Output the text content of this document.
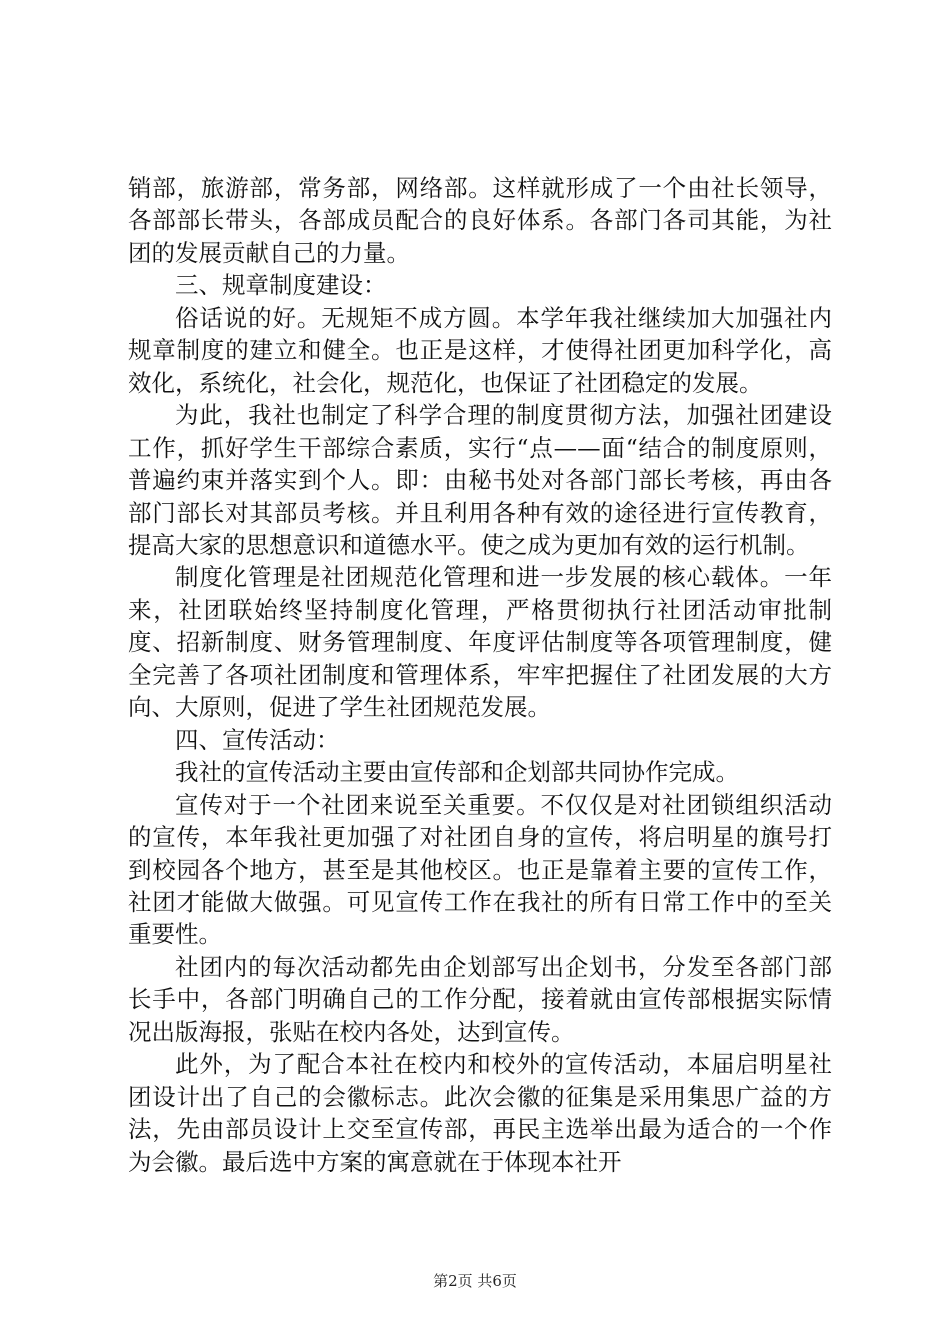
销部，旅游部，常务部，网络部。这样就形成了一个由社长领导，各部部长带头，各部成员配合的良好体系。各部门各司其能，为社团的发展贡献自己的力量。

三、规章制度建设：

俗话说的好。无规矩不成方圆。本学年我社继续加大加强社内规章制度的建立和健全。也正是这样，才使得社团更加科学化，高效化，系统化，社会化，规范化，也保证了社团稳定的发展。

为此，我社也制定了科学合理的制度贯彻方法，加强社团建设工作，抓好学生干部综合素质，实行“点——面“结合的制度原则，普遍约束并落实到个人。即：由秘书处对各部门部长考核，再由各部门部长对其部员考核。并且利用各种有效的途径进行宣传教育，提高大家的思想意识和道德水平。使之成为更加有效的运行机制。

制度化管理是社团规范化管理和进一步发展的核心载体。一年来，社团联始终坚持制度化管理，严格贯彻执行社团活动审批制度、招新制度、财务管理制度、年度评估制度等各项管理制度，健全完善了各项社团制度和管理体系，牢牢把握住了社团发展的大方向、大原则，促进了学生社团规范发展。

四、宣传活动：

我社的宣传活动主要由宣传部和企划部共同协作完成。

宣传对于一个社团来说至关重要。不仅仅是对社团锁组织活动的宣传，本年我社更加强了对社团自身的宣传，将启明星的旗号打到校园各个地方，甚至是其他校区。也正是靠着主要的宣传工作，社团才能做大做强。可见宣传工作在我社的所有日常工作中的至关重要性。

社团内的每次活动都先由企划部写出企划书，分发至各部门部长手中，各部门明确自己的工作分配，接着就由宣传部根据实际情况出版海报，张贴在校内各处，达到宣传。

此外，为了配合本社在校内和校外的宣传活动，本届启明星社团设计出了自己的会徽标志。此次会徽的征集是采用集思广益的方法，先由部员设计上交至宣传部，再民主选举出最为适合的一个作为会徽。最后选中方案的寓意就在于体现本社开

第2页 共6页
